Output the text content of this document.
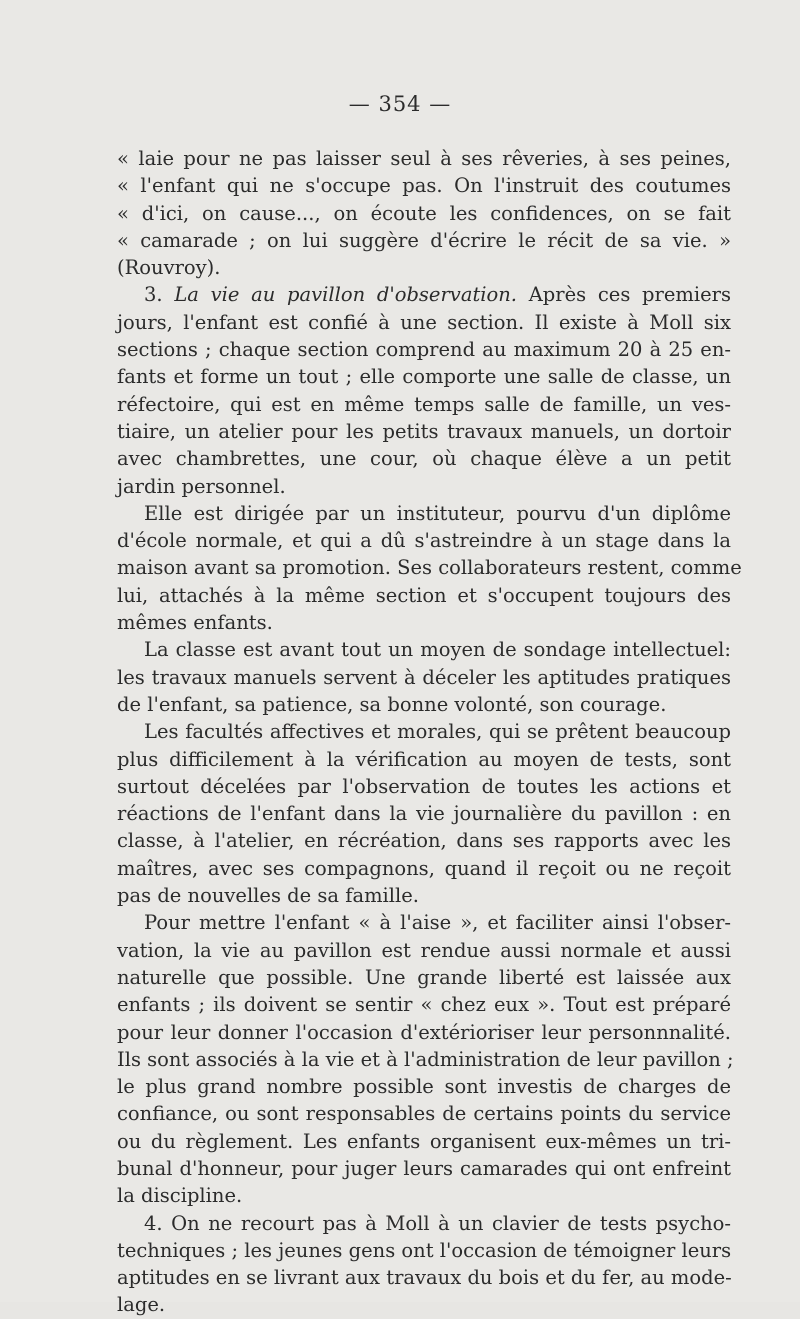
— 354 —
« laie pour ne pas laisser seul à ses rêveries, à ses peines,
« l'enfant qui ne s'occupe pas. On l'instruit des coutumes
« d'ici, on cause..., on écoute les confidences, on se fait
« camarade ; on lui suggère d'écrire le récit de sa vie. »
(Rouvroy).
3. La vie au pavillon d'observation. Après ces premiers
jours, l'enfant est confié à une section. Il existe à Moll six
sections ; chaque section comprend au maximum 20 à 25 en-
fants et forme un tout ; elle comporte une salle de classe, un
réfectoire, qui est en même temps salle de famille, un ves-
tiaire, un atelier pour les petits travaux manuels, un dortoir
avec chambrettes, une cour, où chaque élève a un petit
jardin personnel.
Elle est dirigée par un instituteur, pourvu d'un diplôme
d'école normale, et qui a dû s'astreindre à un stage dans la
maison avant sa promotion. Ses collaborateurs restent, comme
lui, attachés à la même section et s'occupent toujours des
mêmes enfants.
La classe est avant tout un moyen de sondage intellectuel:
les travaux manuels servent à déceler les aptitudes pratiques
de l'enfant, sa patience, sa bonne volonté, son courage.
Les facultés affectives et morales, qui se prêtent beaucoup
plus difficilement à la vérification au moyen de tests, sont
surtout décelées par l'observation de toutes les actions et
réactions de l'enfant dans la vie journalière du pavillon : en
classe, à l'atelier, en récréation, dans ses rapports avec les
maîtres, avec ses compagnons, quand il reçoit ou ne reçoit
pas de nouvelles de sa famille.
Pour mettre l'enfant « à l'aise », et faciliter ainsi l'obser-
vation, la vie au pavillon est rendue aussi normale et aussi
naturelle que possible. Une grande liberté est laissée aux
enfants ; ils doivent se sentir « chez eux ». Tout est préparé
pour leur donner l'occasion d'extérioriser leur personnnalité.
Ils sont associés à la vie et à l'administration de leur pavillon ;
le plus grand nombre possible sont investis de charges de
confiance, ou sont responsables de certains points du service
ou du règlement. Les enfants organisent eux-mêmes un tri-
bunal d'honneur, pour juger leurs camarades qui ont enfreint
la discipline.
4. On ne recourt pas à Moll à un clavier de tests psycho-
techniques ; les jeunes gens ont l'occasion de témoigner leurs
aptitudes en se livrant aux travaux du bois et du fer, au mode-
lage.
